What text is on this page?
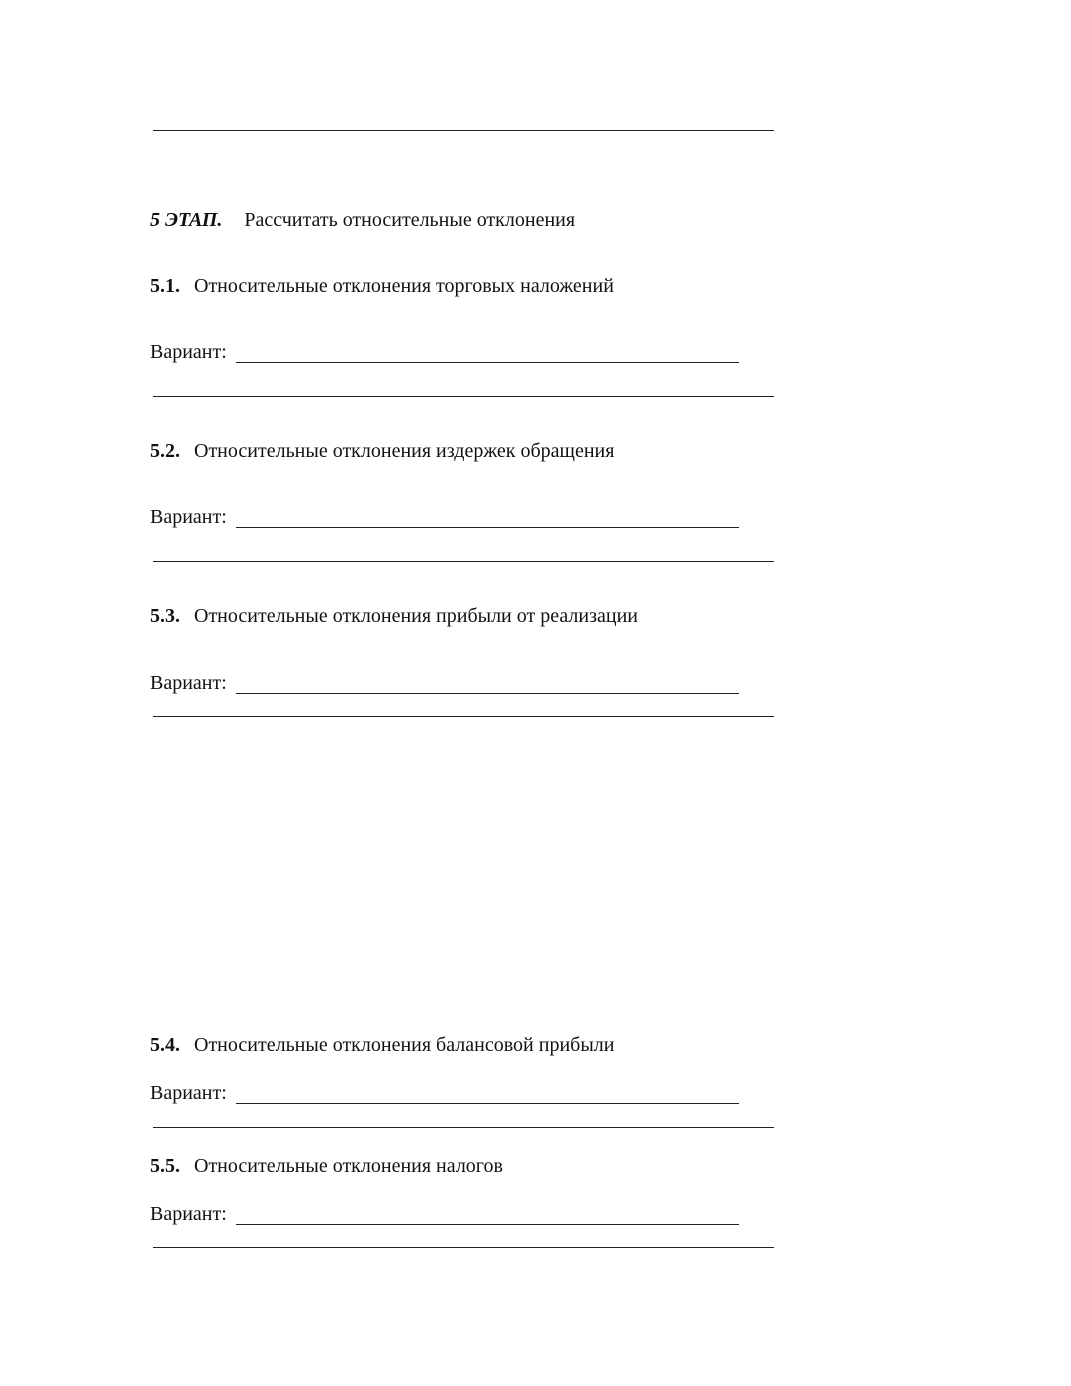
5 ЭТАП. Рассчитать относительные отклонения
5.1. Относительные отклонения торговых наложений
Вариант:
5.2. Относительные отклонения издержек обращения
Вариант:
5.3. Относительные отклонения прибыли от реализации
Вариант:
5.4. Относительные отклонения балансовой прибыли
Вариант:
5.5. Относительные отклонения налогов
Вариант:
